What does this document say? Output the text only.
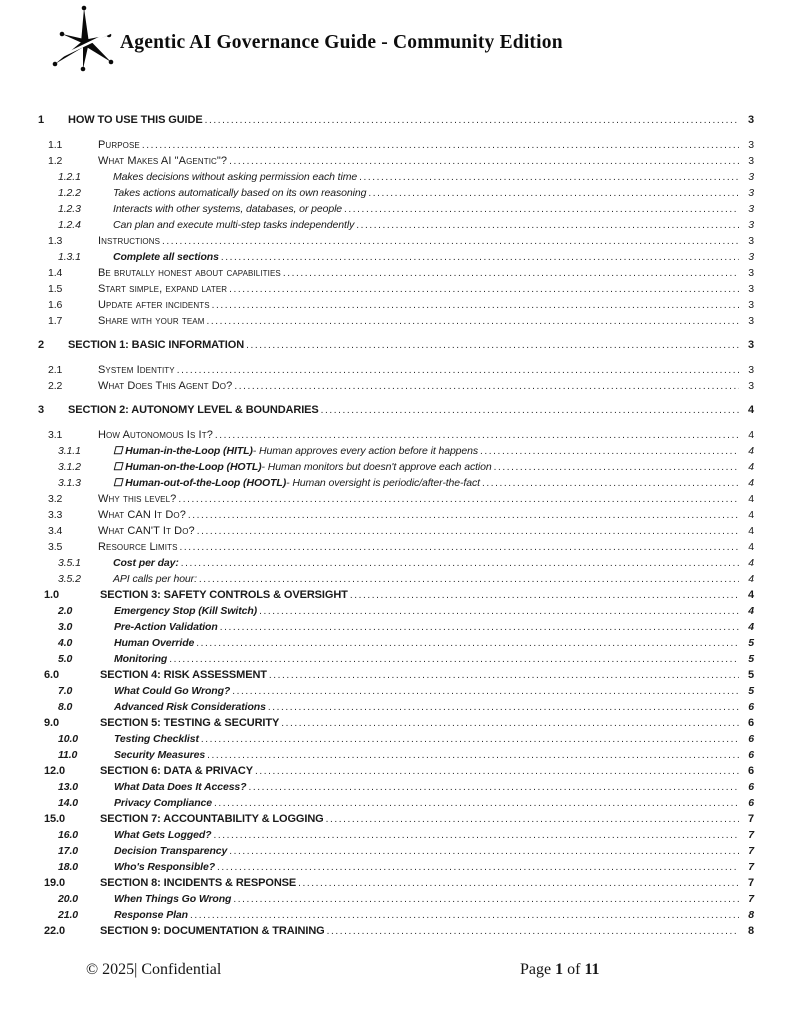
Agentic AI Governance Guide - Community Edition
1	HOW TO USE THIS GUIDE .....	3
1.1	Purpose .....	3
1.2	What Makes AI "Agentic"? .....	3
1.2.1	Makes decisions without asking permission each time .....	3
1.2.2	Takes actions automatically based on its own reasoning .....	3
1.2.3	Interacts with other systems, databases, or people .....	3
1.2.4	Can plan and execute multi-step tasks independently .....	3
1.3	Instructions .....	3
1.3.1	Complete all sections .....	3
1.4	Be brutally honest about capabilities .....	3
1.5	Start simple, expand later .....	3
1.6	Update after incidents .....	3
1.7	Share with your team .....	3
2	SECTION 1: BASIC INFORMATION .....	3
2.1	System Identity .....	3
2.2	What Does This Agent Do? .....	3
3	SECTION 2: AUTONOMY LEVEL & BOUNDARIES .....	4
3.1	How Autonomous Is It? .....	4
3.1.1	☐ Human-in-the-Loop (HITL) - Human approves every action before it happens .....	4
3.1.2	☐ Human-on-the-Loop (HOTL) - Human monitors but doesn't approve each action .....	4
3.1.3	☐ Human-out-of-the-Loop (HOOTL) - Human oversight is periodic/after-the-fact .....	4
3.2	Why this level? .....	4
3.3	What CAN It Do? .....	4
3.4	What CAN'T It Do? .....	4
3.5	Resource Limits .....	4
3.5.1	Cost per day: .....	4
3.5.2	API calls per hour: .....	4
1.0	SECTION 3: SAFETY CONTROLS & OVERSIGHT .....	4
2.0	Emergency Stop (Kill Switch) .....	4
3.0	Pre-Action Validation .....	4
4.0	Human Override .....	5
5.0	Monitoring .....	5
6.0	SECTION 4: RISK ASSESSMENT .....	5
7.0	What Could Go Wrong? .....	5
8.0	Advanced Risk Considerations .....	6
9.0	SECTION 5: TESTING & SECURITY .....	6
10.0	Testing Checklist .....	6
11.0	Security Measures .....	6
12.0	SECTION 6: DATA & PRIVACY .....	6
13.0	What Data Does It Access? .....	6
14.0	Privacy Compliance .....	6
15.0	SECTION 7: ACCOUNTABILITY & LOGGING .....	7
16.0	What Gets Logged? .....	7
17.0	Decision Transparency .....	7
18.0	Who's Responsible? .....	7
19.0	SECTION 8: INCIDENTS & RESPONSE .....	7
20.0	When Things Go Wrong .....	7
21.0	Response Plan .....	8
22.0	SECTION 9: DOCUMENTATION & TRAINING .....	8
© 2025| Confidential	Page 1 of 11
